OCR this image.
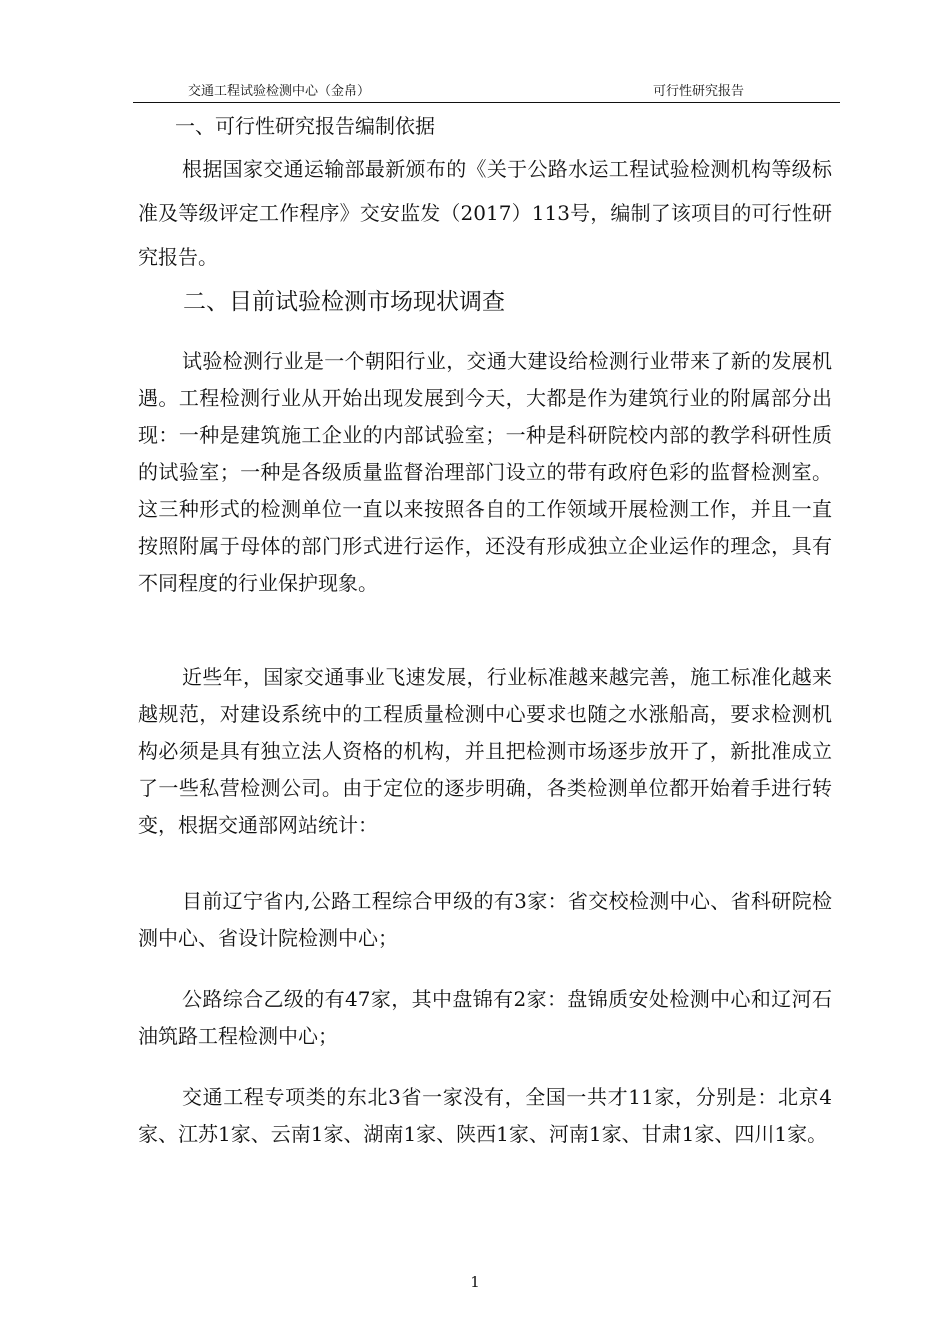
交通工程试验检测中心（金帛）	可行性研究报告
一、可行性研究报告编制依据

根据国家交通运输部最新颁布的《关于公路水运工程试验检测机构等级标准及等级评定工作程序》交安监发（2017）113号，编制了该项目的可行性研究报告。

二、目前试验检测市场现状调查

试验检测行业是一个朝阳行业，交通大建设给检测行业带来了新的发展机遇。工程检测行业从开始出现发展到今天，大都是作为建筑行业的附属部分出现：一种是建筑施工企业的内部试验室；一种是科研院校内部的教学科研性质的试验室；一种是各级质量监督治理部门设立的带有政府色彩的监督检测室。这三种形式的检测单位一直以来按照各自的工作领域开展检测工作，并且一直按照附属于母体的部门形式进行运作，还没有形成独立企业运作的理念，具有不同程度的行业保护现象。

近些年，国家交通事业飞速发展，行业标准越来越完善，施工标准化越来越规范，对建设系统中的工程质量检测中心要求也随之水涨船高，要求检测机构必须是具有独立法人资格的机构，并且把检测市场逐步放开了，新批准成立了一些私营检测公司。由于定位的逐步明确，各类检测单位都开始着手进行转变，根据交通部网站统计：

目前辽宁省内,公路工程综合甲级的有3家：省交校检测中心、省科研院检测中心、省设计院检测中心；

公路综合乙级的有47家，其中盘锦有2家：盘锦质安处检测中心和辽河石油筑路工程检测中心；

交通工程专项类的东北3省一家没有，全国一共才11家，分别是：北京4家、江苏1家、云南1家、湖南1家、陕西1家、河南1家、甘肃1家、四川1家。

1
